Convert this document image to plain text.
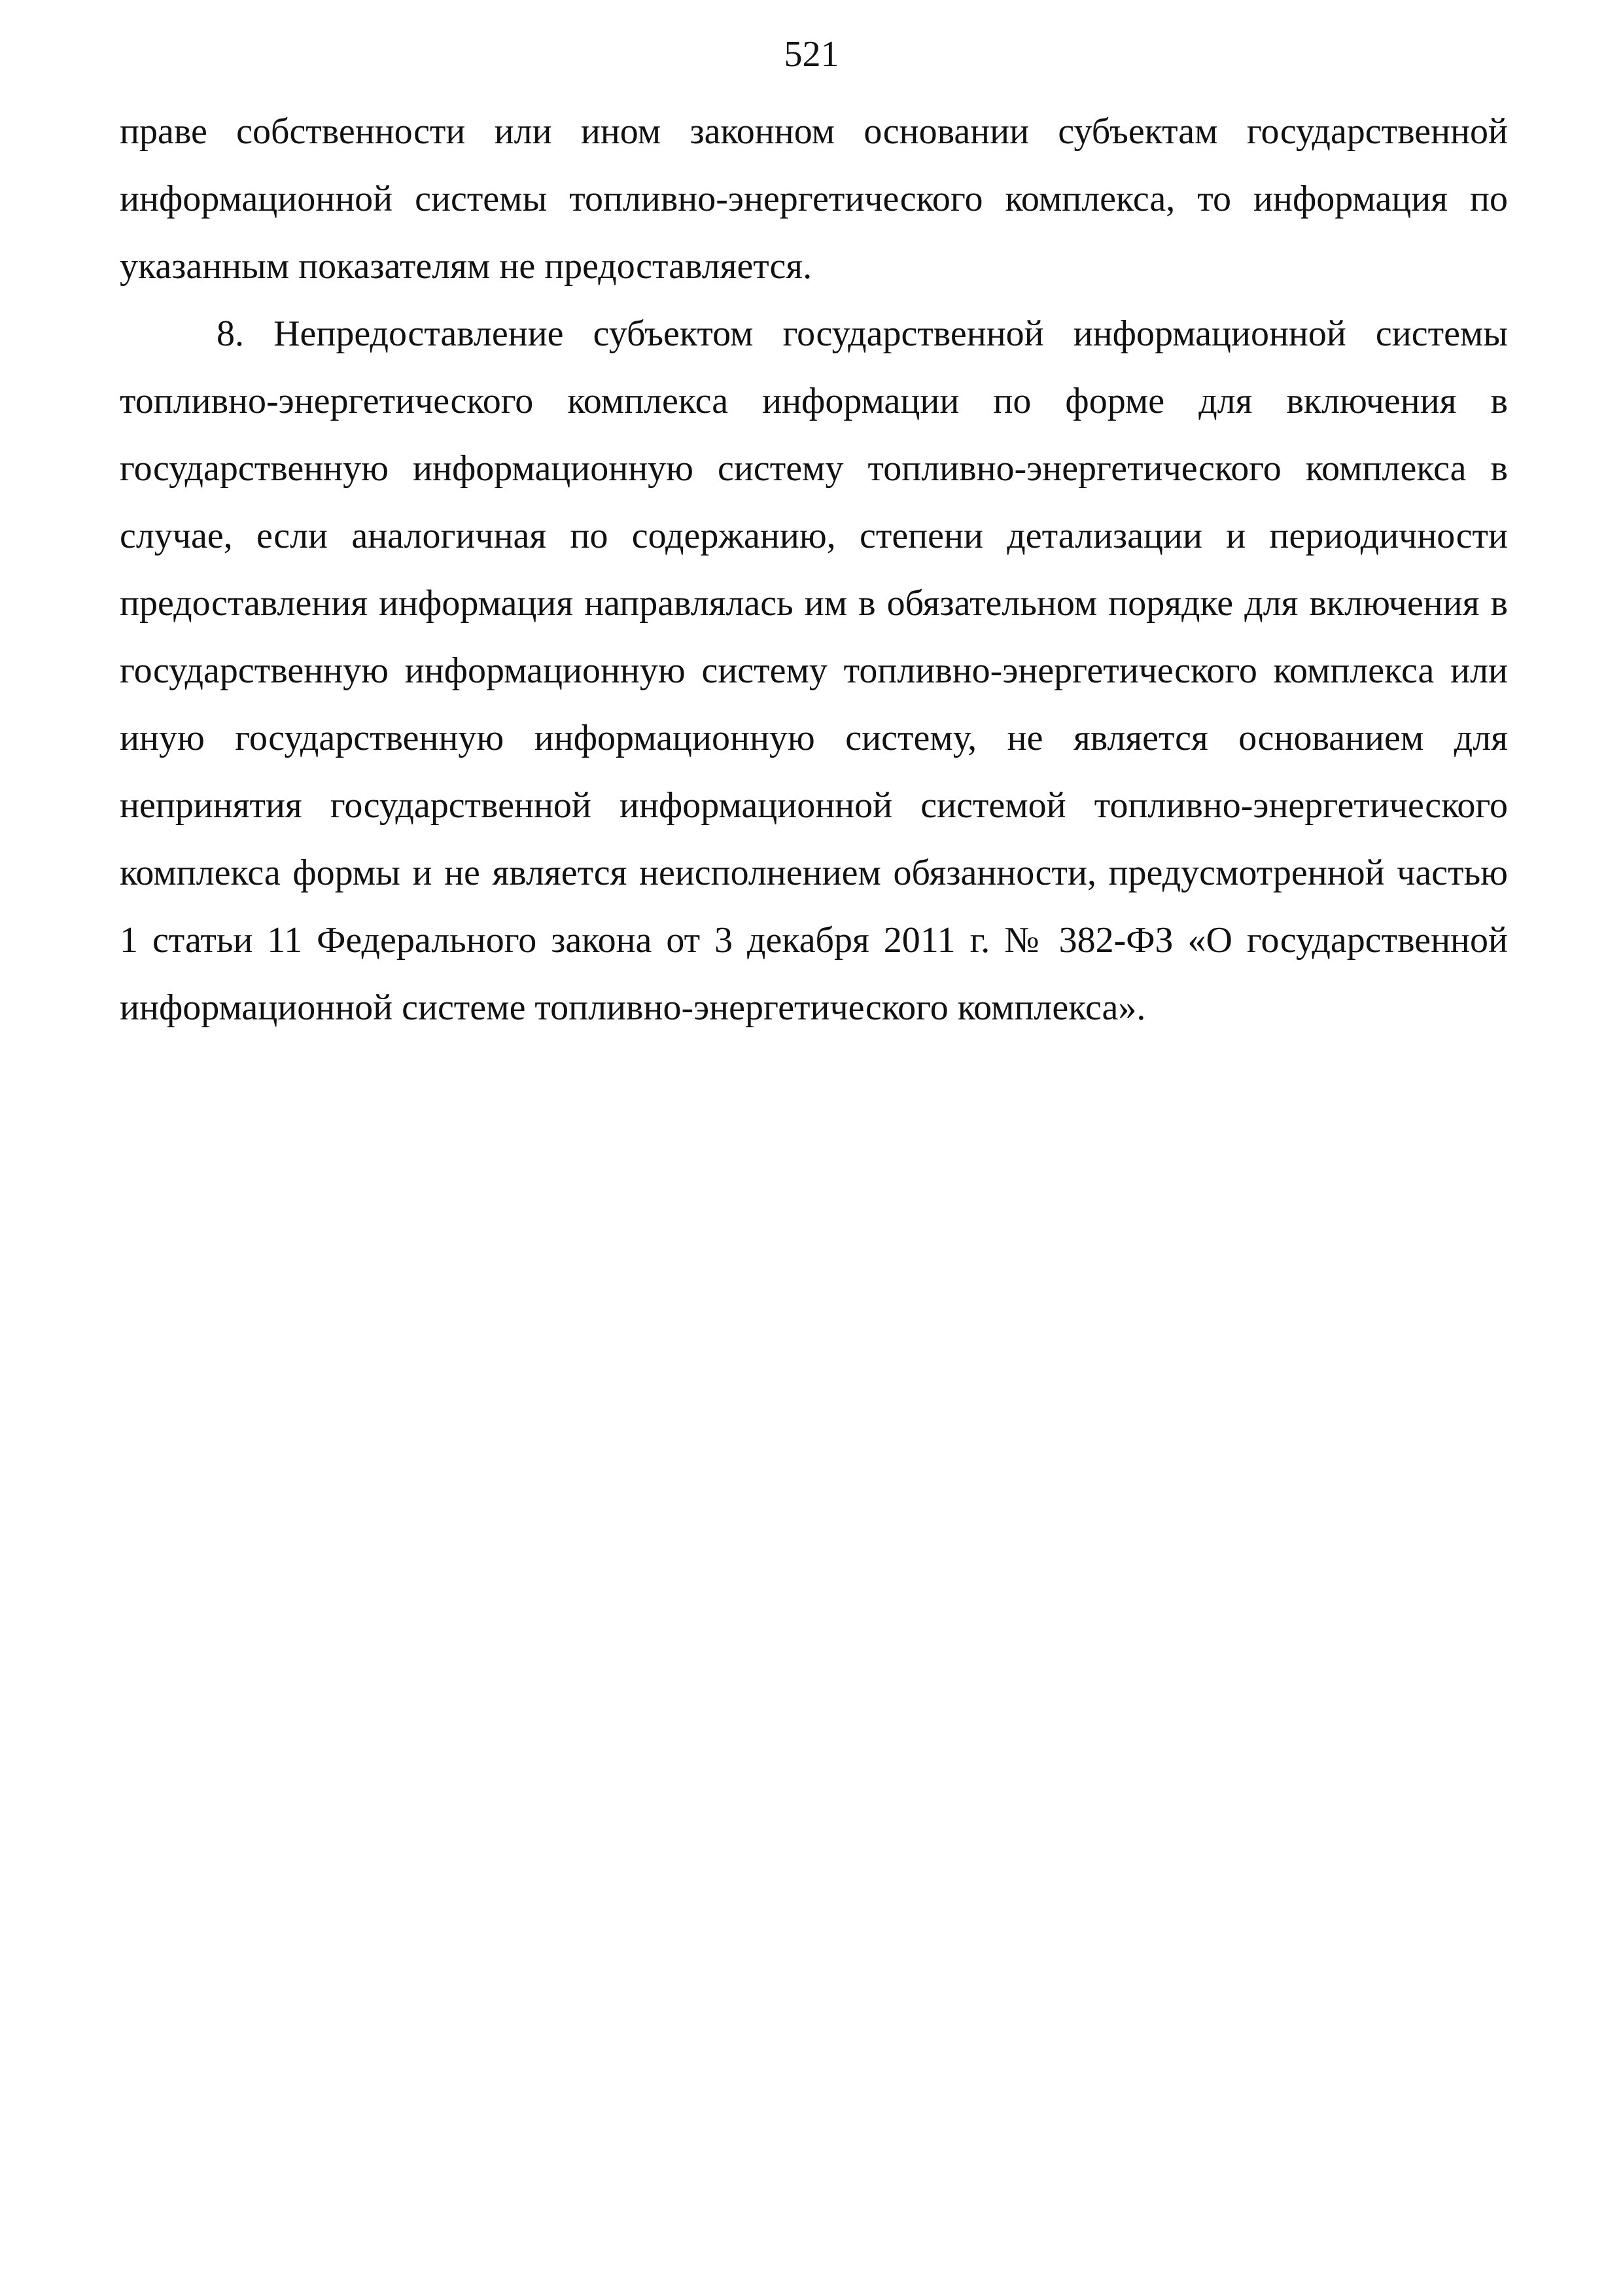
521

праве собственности или ином законном основании субъектам государственной информационной системы топливно-энергетического комплекса, то информация по указанным показателям не предоставляется.

8. Непредоставление субъектом государственной информационной системы топливно-энергетического комплекса информации по форме для включения в государственную информационную систему топливно-энергетического комплекса в случае, если аналогичная по содержанию, степени детализации и периодичности предоставления информация направлялась им в обязательном порядке для включения в государственную информационную систему топливно-энергетического комплекса или иную государственную информационную систему, не является основанием для непринятия государственной информационной системой топливно-энергетического комплекса формы и не является неисполнением обязанности, предусмотренной частью 1 статьи 11 Федерального закона от 3 декабря 2011 г. № 382-ФЗ «О государственной информационной системе топливно-энергетического комплекса».
